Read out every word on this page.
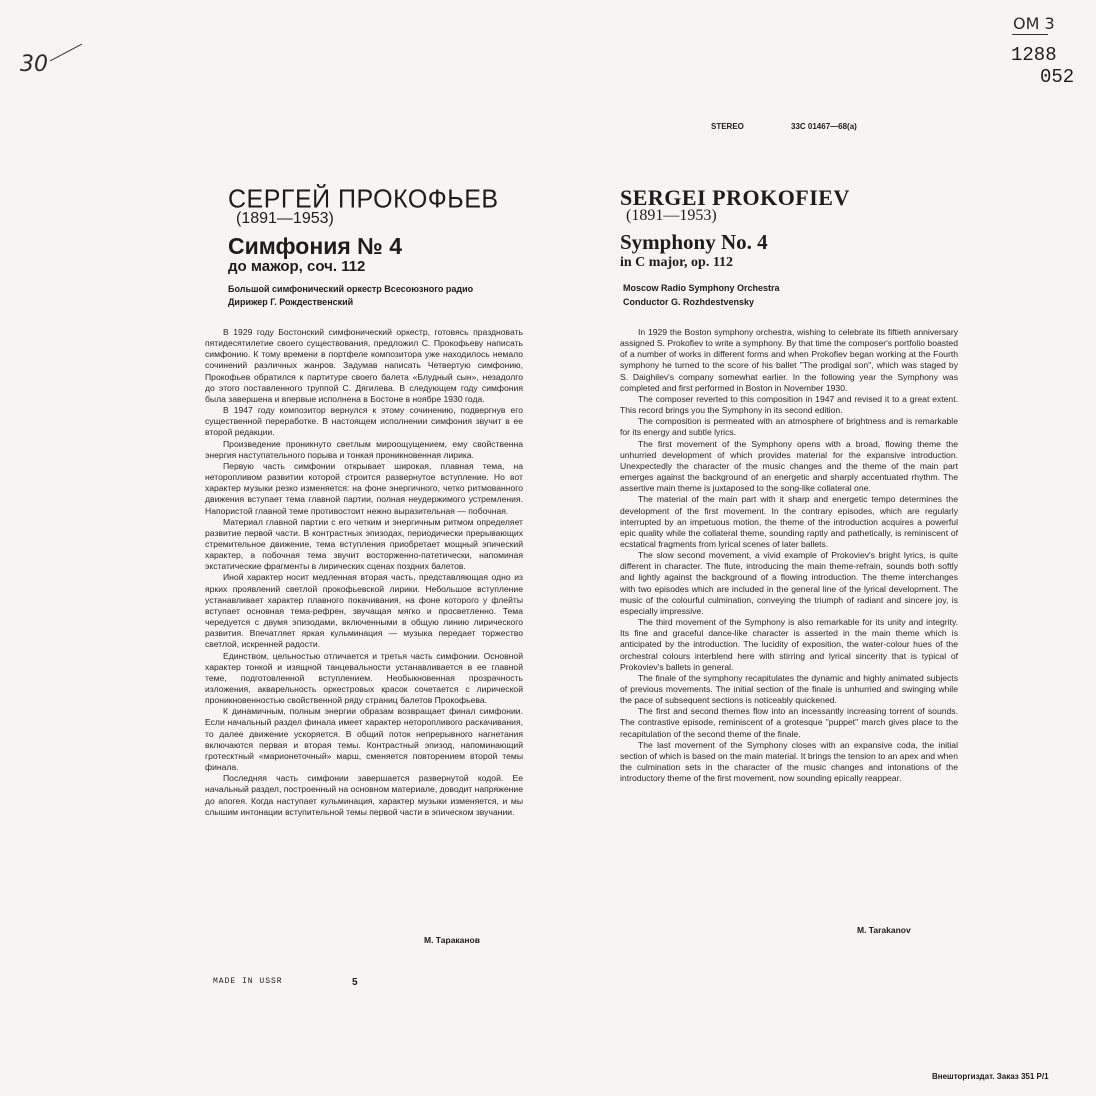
30
ОМ 3
1288
052
STEREO	33С 01467—68(а)
СЕРГЕЙ ПРОКОФЬЕВ
(1891—1953)
Симфония № 4
до мажор, соч. 112
Большой симфонический оркестр Всесоюзного радио
Дирижер Г. Рождественский

В 1929 году Бостонский симфонический оркестр, готовясь праздновать пятидесятилетие своего существования, предложил С. Прокофьеву написать симфонию. К тому времени в портфеле композитора уже находилось немало сочинений различных жанров. Задумав написать Четвертую симфонию, Прокофьев обратился к партитуре своего балета «Блудный сын», незадолго до этого поставленного труппой С. Дягилева. В следующем году симфония была завершена и впервые исполнена в Бостоне в ноябре 1930 года.

В 1947 году композитор вернулся к этому сочинению, подвергнув его существенной переработке. В настоящем исполнении симфония звучит в ее второй редакции.

Произведение проникнуто светлым мироощущением, ему свойственна энергия наступательного порыва и тонкая проникновенная лирика.

Первую часть симфонии открывает широкая, плавная тема, на неторопливом развитии которой строится развернутое вступление. Но вот характер музыки резко изменяется: на фоне энергичного, четко ритмованного движения вступает тема главной партии, полная неудержимого устремления. Напористой главной теме противостоит нежно выразительная — побочная.

Материал главной партии с его четким и энергичным ритмом определяет развитие первой части. В контрастных эпизодах, периодически прерывающих стремительное движение, тема вступления приобретает мощный эпический характер, а побочная тема звучит восторженно-патетически, напоминая экстатические фрагменты в лирических сценах поздних балетов.

Иной характер носит медленная вторая часть, представляющая одно из ярких проявлений светлой прокофьевской лирики. Небольшое вступление устанавливает характер плавного покачивания, на фоне которого у флейты вступает основная тема-рефрен, звучащая мягко и просветленно. Тема чередуется с двумя эпизодами, включенными в общую линию лирического развития. Впечатляет яркая кульминация — музыка передает торжество светлой, искренней радости.

Единством, цельностью отличается и третья часть симфонии. Основной характер тонкой и изящной танцевальности устанавливается в ее главной теме, подготовленной вступлением. Необыкновенная прозрачность изложения, акварельность оркестровых красок сочетается с лирической проникновенностью свойственной ряду страниц балетов Прокофьева.

К динамичным, полным энергии образам возвращает финал симфонии. Если начальный раздел финала имеет характер неторопливого раскачивания, то далее движение ускоряется. В общий поток непрерывного нагнетания включаются первая и вторая темы. Контрастный эпизод, напоминающий гротесктный «марионеточный» марш, сменяется повторением второй темы финала.

Последняя часть симфонии завершается развернутой кодой. Ее начальный раздел, построенный на основном материале, доводит напряжение до апогея. Когда наступает кульминация, характер музыки изменяется, и мы слышим интонации вступительной темы первой части в эпическом звучании.

М. Тараканов
SERGEI PROKOFIEV
(1891—1953)
Symphony No. 4
in C major, op. 112
Moscow Radio Symphony Orchestra
Conductor G. Rozhdestvensky

In 1929 the Boston symphony orchestra, wishing to celebrate its fiftieth anniversary assigned S. Prokofiev to write a symphony. By that time the composer's portfolio boasted of a number of works in different forms and when Prokofiev began working at the Fourth symphony he turned to the score of his ballet "The prodigal son", which was staged by S. Daighilev's company somewhat earlier. In the following year the Symphony was completed and first performed in Boston in November 1930.

The composer reverted to this composition in 1947 and revised it to a great extent. This record brings you the Symphony in its second edition.

The composition is permeated with an atmosphere of brightness and is remarkable for its energy and subtle lyrics.

The first movement of the Symphony opens with a broad, flowing theme the unhurried development of which provides material for the expansive introduction. Unexpectedly the character of the music changes and the theme of the main part emerges against the background of an energetic and sharply accentuated rhythm. The assertive main theme is juxtaposed to the song-like collateral one.

The material of the main part with it sharp and energetic tempo determines the development of the first movement. In the contrary episodes, which are regularly interrupted by an impetuous motion, the theme of the introduction acquires a powerful epic quality while the collateral theme, sounding raptly and pathetically, is reminiscent of ecstatical fragments from lyrical scenes of later ballets.

The slow second movement, a vivid example of Prokoviev's bright lyrics, is quite different in character. The flute, introducing the main theme-refrain, sounds both softly and lightly against the background of a flowing introduction. The theme interchanges with two episodes which are included in the general line of the lyrical development. The music of the colourful culmination, conveying the triumph of radiant and sincere joy, is especially impressive.

The third movement of the Symphony is also remarkable for its unity and integrity. Its fine and graceful dance-like character is asserted in the main theme which is anticipated by the introduction. The lucidity of exposition, the water-colour hues of the orchestral colours interblend here with stirring and lyrical sincerity that is typical of Prokoviev's ballets in general.

The finale of the symphony recapitulates the dynamic and highly animated subjects of previous movements. The initial section of the finale is unhurried and swinging while the pace of subsequent sections is noticeably quickened.

The first and second themes flow into an incessantly increasing torrent of sounds. The contrastive episode, reminiscent of a grotesque "puppet" march gives place to the recapitulation of the second theme of the finale.

The last movement of the Symphony closes with an expansive coda, the initial section of which is based on the main material. It brings the tension to an apex and when the culmination sets in the character of the music changes and intonations of the introductory theme of the first movement, now sounding epically reappear.

M. Tarakanov
MADE IN USSR	5
Внешторгиздат. Заказ 351 Р/1
